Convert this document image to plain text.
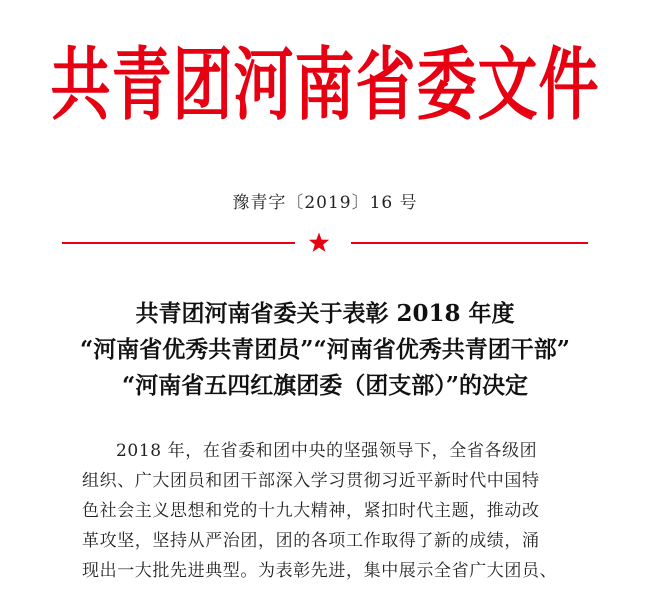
共青团河南省委文件
豫青字〔2019〕16 号
共青团河南省委关于表彰 2018 年度
“河南省优秀共青团员”“河南省优秀共青团干部”
“河南省五四红旗团委（团支部）”的决定
2018 年，在省委和团中央的坚强领导下，全省各级团
组织、广大团员和团干部深入学习贯彻习近平新时代中国特
色社会主义思想和党的十九大精神，紧扣时代主题，推动改
革攻坚，坚持从严治团，团的各项工作取得了新的成绩，涌
现出一大批先进典型。为表彰先进，集中展示全省广大团员、
